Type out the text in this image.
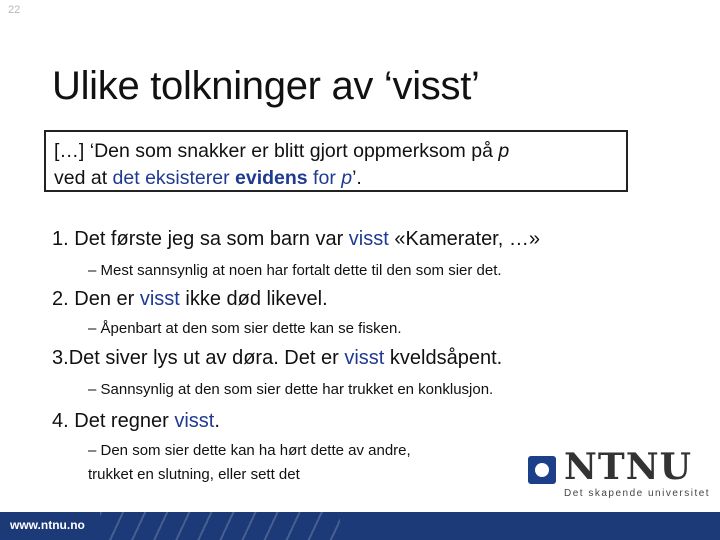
22
Ulike tolkninger av ‘visst’
[…] ‘Den som snakker er blitt gjort oppmerksom på p
ved at det eksisterer evidens for p’.

1. Det første jeg sa som barn var visst «Kamerater, …»

– Mest sannsynlig at noen har fortalt dette til den som sier det.

2. Den er visst ikke død likevel.

– Åpenbart at den som sier dette kan se fisken.

3.Det siver lys ut av døra. Det er visst kveldsåpent.

– Sannsynlig at den som sier dette har trukket en konklusjon.

4. Det regner visst.

– Den som sier dette kan ha hørt dette av andre,

trukket en slutning, eller sett det	NTNU
Det skapende universitet
www.ntnu.no
